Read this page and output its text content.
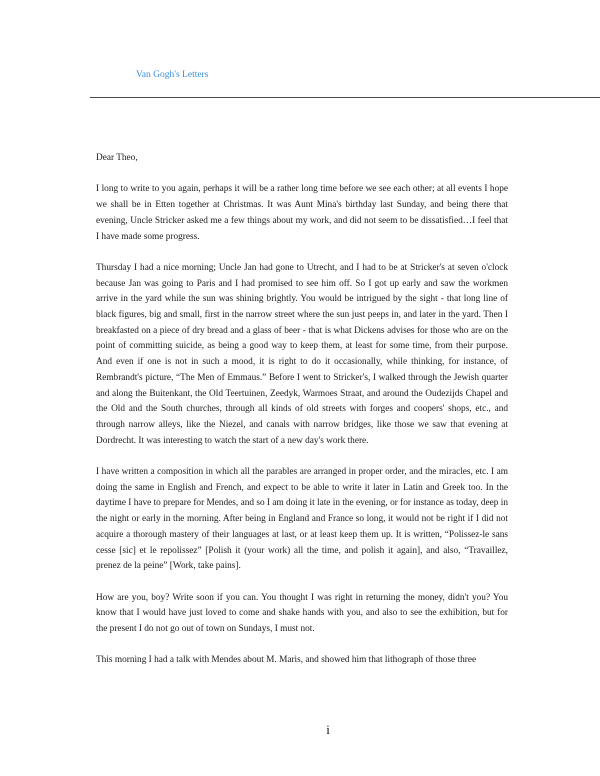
Van Gogh's Letters

Dear Theo,

I long to write to you again, perhaps it will be a rather long time before we see each other; at all events I hope we shall be in Etten together at Christmas. It was Aunt Mina's birthday last Sunday, and being there that evening, Uncle Stricker asked me a few things about my work, and did not seem to be dissatisfied…I feel that I have made some progress.

Thursday I had a nice morning; Uncle Jan had gone to Utrecht, and I had to be at Stricker's at seven o'clock because Jan was going to Paris and I had promised to see him off. So I got up early and saw the workmen arrive in the yard while the sun was shining brightly. You would be intrigued by the sight - that long line of black figures, big and small, first in the narrow street where the sun just peeps in, and later in the yard. Then I breakfasted on a piece of dry bread and a glass of beer - that is what Dickens advises for those who are on the point of committing suicide, as being a good way to keep them, at least for some time, from their purpose. And even if one is not in such a mood, it is right to do it occasionally, while thinking, for instance, of Rembrandt's picture, “The Men of Emmaus.” Before I went to Stricker's, I walked through the Jewish quarter and along the Buitenkant, the Old Teertuinen, Zeedyk, Warmoes Straat, and around the Oudezijds Chapel and the Old and the South churches, through all kinds of old streets with forges and coopers' shops, etc., and through narrow alleys, like the Niezel, and canals with narrow bridges, like those we saw that evening at Dordrecht. It was interesting to watch the start of a new day's work there.

I have written a composition in which all the parables are arranged in proper order, and the miracles, etc. I am doing the same in English and French, and expect to be able to write it later in Latin and Greek too. In the daytime I have to prepare for Mendes, and so I am doing it late in the evening, or for instance as today, deep in the night or early in the morning. After being in England and France so long, it would not be right if I did not acquire a thorough mastery of their languages at last, or at least keep them up. It is written, “Polissez-le sans cesse [sic] et le repolissez” [Polish it (your work) all the time, and polish it again], and also, “Travaillez, prenez de la peine” [Work, take pains].

How are you, boy? Write soon if you can. You thought I was right in returning the money, didn't you? You know that I would have just loved to come and shake hands with you, and also to see the exhibition, but for the present I do not go out of town on Sundays, I must not.

This morning I had a talk with Mendes about M. Maris, and showed him that lithograph of those three

i
